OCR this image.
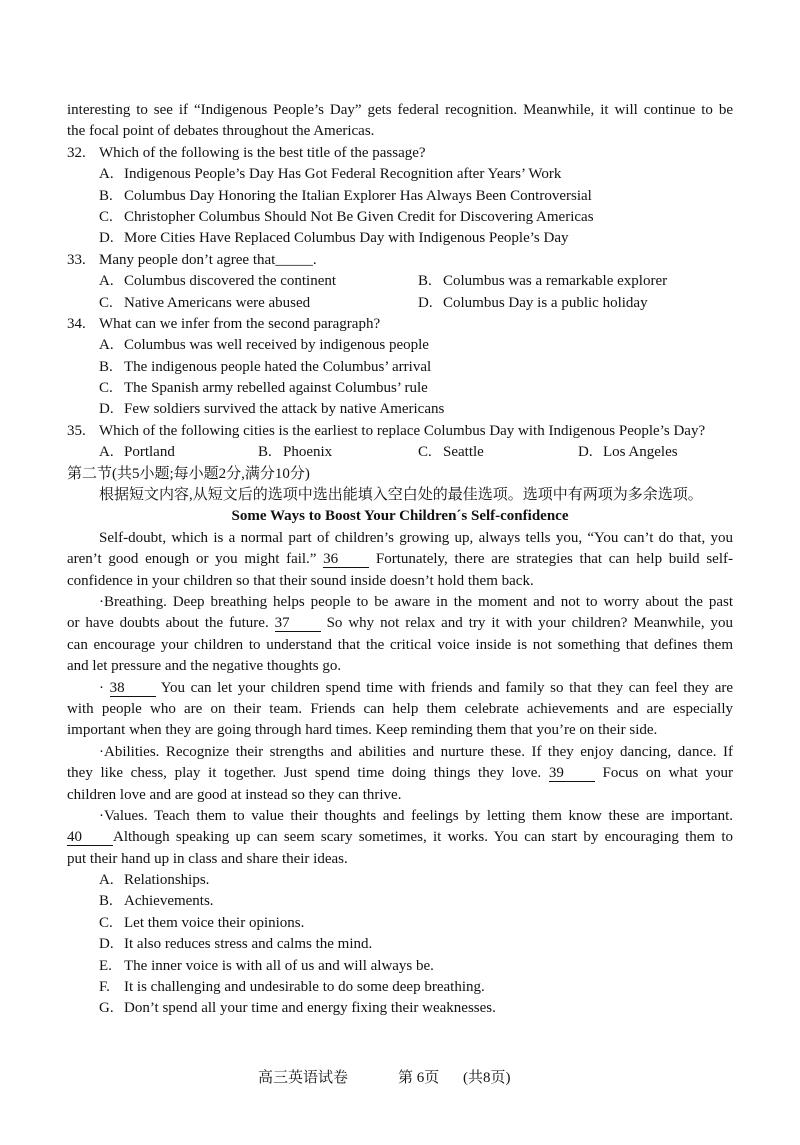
interesting to see if “Indigenous People’s Day” gets federal recognition. Meanwhile, it will continue to be
the focal point of debates throughout the Americas.
32. Which of the following is the best title of the passage?
A. Indigenous People’s Day Has Got Federal Recognition after Years’ Work
B. Columbus Day Honoring the Italian Explorer Has Always Been Controversial
C. Christopher Columbus Should Not Be Given Credit for Discovering Americas
D. More Cities Have Replaced Columbus Day with Indigenous People’s Day
33. Many people don’t agree that_____.
A. Columbus discovered the continent	B. Columbus was a remarkable explorer
C. Native Americans were abused	D. Columbus Day is a public holiday
34. What can we infer from the second paragraph?
A. Columbus was well received by indigenous people
B. The indigenous people hated the Columbus’ arrival
C. The Spanish army rebelled against Columbus’ rule
D. Few soldiers survived the attack by native Americans
35. Which of the following cities is the earliest to replace Columbus Day with Indigenous People’s Day?
A. Portland	B. Phoenix	C. Seattle	D. Los Angeles
第二节(共5小题;每小题2分,满分10分)
根据短文内容,从短文后的选项中选出能填入空白处的最佳选项。选项中有两项为多余选项。
Some Ways to Boost Your Children´s Self-confidence
Self-doubt, which is a normal part of children’s growing up, always tells you, “You can’t do that, you
aren’t good enough or you might fail.” 36	Fortunately, there are strategies that can help build self-
confidence in your children so that their sound inside doesn’t hold them back.
·Breathing. Deep breathing helps people to be aware in the moment and not to worry about the past
or have doubts about the future. 37 So why not relax and try it with your children? Meanwhile, you
can encourage your children to understand that the critical voice inside is not something that defines them
and let pressure and the negative thoughts go.
· 38 You can let your children spend time with friends and family so that they can feel they are
with people who are on their team. Friends can help them celebrate achievements and are especially
important when they are going through hard times. Keep reminding them that you’re on their side.
·Abilities. Recognize their strengths and abilities and nurture these. If they enjoy dancing, dance. If
they like chess, play it together. Just spend time doing things they love. 39	Focus on what your
children love and are good at instead so they can thrive.
·Values. Teach them to value their thoughts and feelings by letting them know these are important.
40 Although speaking up can seem scary sometimes, it works. You can start by encouraging them to
put their hand up in class and share their ideas.
A. Relationships.
B. Achievements.
C. Let them voice their opinions.
D. It also reduces stress and calms the mind.
E. The inner voice is with all of us and will always be.
F. It is challenging and undesirable to do some deep breathing.
G. Don’t spend all your time and energy fixing their weaknesses.
高三英语试卷	第 6页 (共8页)
